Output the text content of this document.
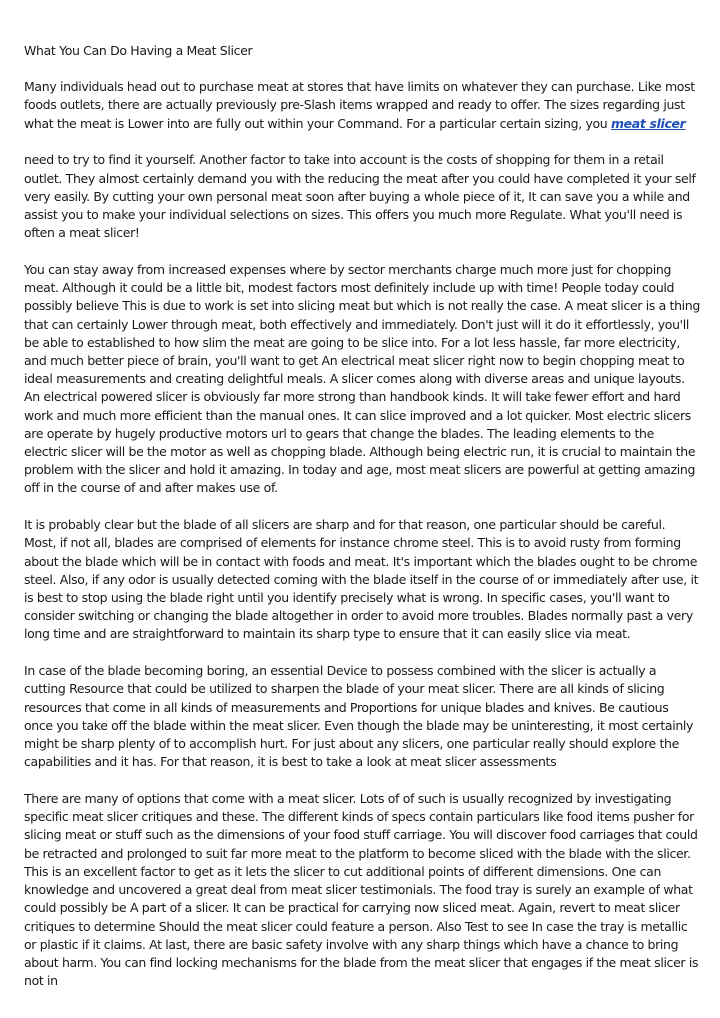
What You Can Do Having a Meat Slicer

Many individuals head out to purchase meat at stores that have limits on whatever they can purchase. Like most foods outlets, there are actually previously pre-Slash items wrapped and ready to offer. The sizes regarding just what the meat is Lower into are fully out within your Command. For a particular certain sizing, you meat slicer

need to try to find it yourself. Another factor to take into account is the costs of shopping for them in a retail outlet. They almost certainly demand you with the reducing the meat after you could have completed it your self very easily. By cutting your own personal meat soon after buying a whole piece of it, It can save you a while and assist you to make your individual selections on sizes. This offers you much more Regulate. What you'll need is often a meat slicer!

You can stay away from increased expenses where by sector merchants charge much more just for chopping meat. Although it could be a little bit, modest factors most definitely include up with time! People today could possibly believe This is due to work is set into slicing meat but which is not really the case. A meat slicer is a thing that can certainly Lower through meat, both effectively and immediately. Don't just will it do it effortlessly, you'll be able to established to how slim the meat are going to be slice into. For a lot less hassle, far more electricity, and much better piece of brain, you'll want to get An electrical meat slicer right now to begin chopping meat to ideal measurements and creating delightful meals. A slicer comes along with diverse areas and unique layouts. An electrical powered slicer is obviously far more strong than handbook kinds. It will take fewer effort and hard work and much more efficient than the manual ones. It can slice improved and a lot quicker. Most electric slicers are operate by hugely productive motors url to gears that change the blades. The leading elements to the electric slicer will be the motor as well as chopping blade. Although being electric run, it is crucial to maintain the problem with the slicer and hold it amazing. In today and age, most meat slicers are powerful at getting amazing off in the course of and after makes use of.

It is probably clear but the blade of all slicers are sharp and for that reason, one particular should be careful. Most, if not all, blades are comprised of elements for instance chrome steel. This is to avoid rusty from forming about the blade which will be in contact with foods and meat. It's important which the blades ought to be chrome steel. Also, if any odor is usually detected coming with the blade itself in the course of or immediately after use, it is best to stop using the blade right until you identify precisely what is wrong. In specific cases, you'll want to consider switching or changing the blade altogether in order to avoid more troubles. Blades normally past a very long time and are straightforward to maintain its sharp type to ensure that it can easily slice via meat.

In case of the blade becoming boring, an essential Device to possess combined with the slicer is actually a cutting Resource that could be utilized to sharpen the blade of your meat slicer. There are all kinds of slicing resources that come in all kinds of measurements and Proportions for unique blades and knives. Be cautious once you take off the blade within the meat slicer. Even though the blade may be uninteresting, it most certainly might be sharp plenty of to accomplish hurt. For just about any slicers, one particular really should explore the capabilities and it has. For that reason, it is best to take a look at meat slicer assessments

There are many of options that come with a meat slicer. Lots of of such is usually recognized by investigating specific meat slicer critiques and these. The different kinds of specs contain particulars like food items pusher for slicing meat or stuff such as the dimensions of your food stuff carriage. You will discover food carriages that could be retracted and prolonged to suit far more meat to the platform to become sliced with the blade with the slicer. This is an excellent factor to get as it lets the slicer to cut additional points of different dimensions. One can knowledge and uncovered a great deal from meat slicer testimonials. The food tray is surely an example of what could possibly be A part of a slicer. It can be practical for carrying now sliced meat. Again, revert to meat slicer critiques to determine Should the meat slicer could feature a person. Also Test to see In case the tray is metallic or plastic if it claims. At last, there are basic safety involve with any sharp things which have a chance to bring about harm. You can find locking mechanisms for the blade from the meat slicer that engages if the meat slicer is not in
